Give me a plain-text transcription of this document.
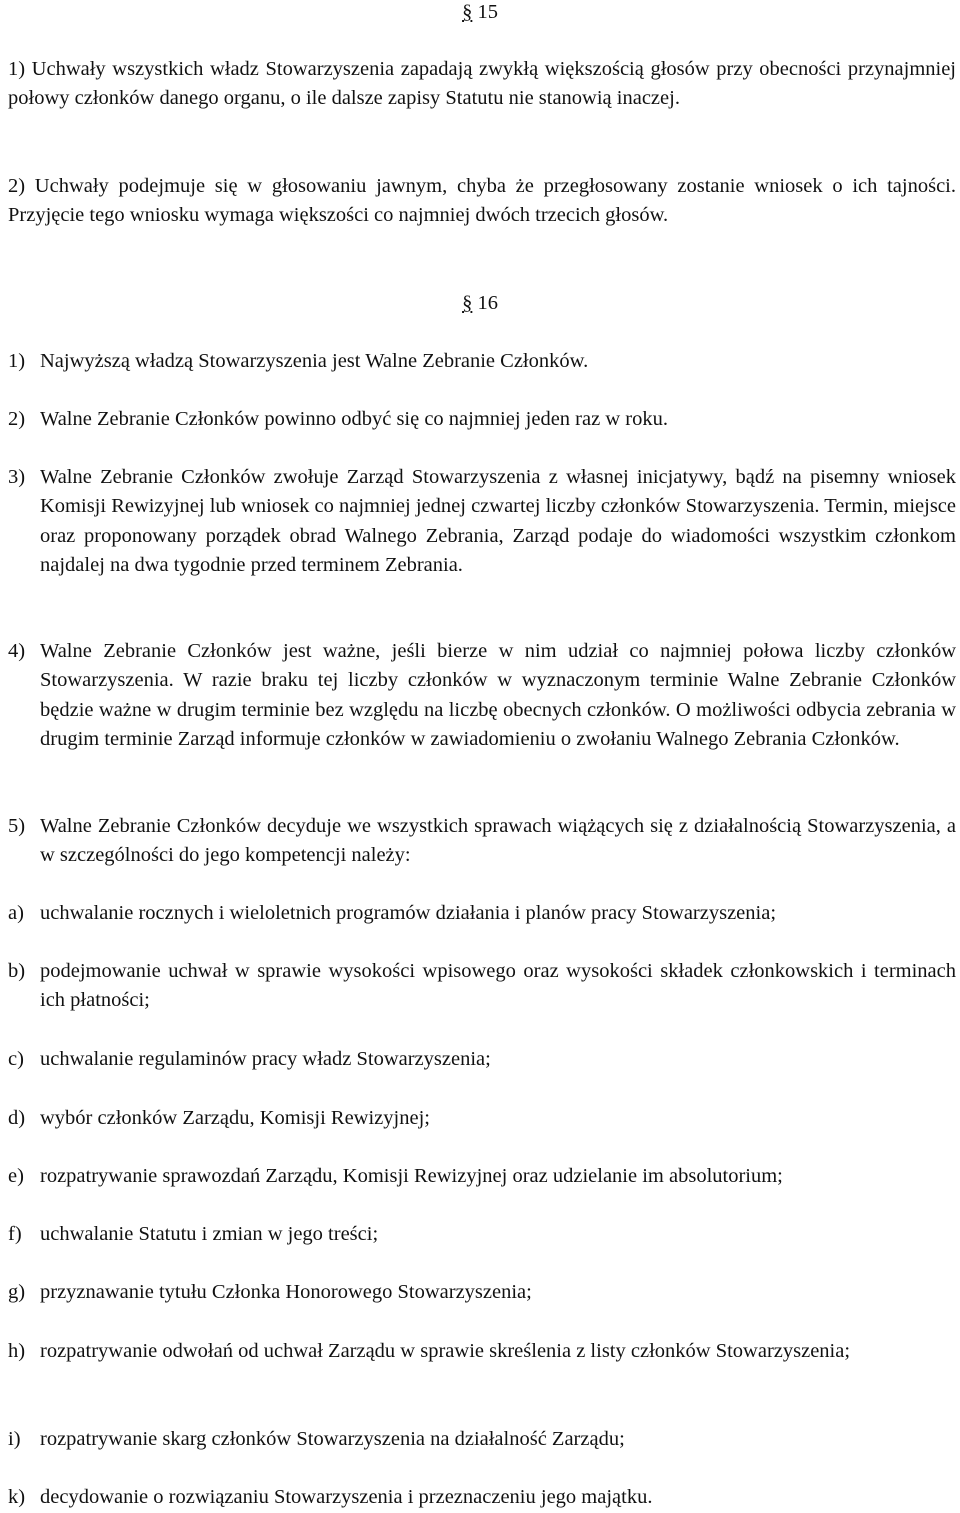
§ 15

1) Uchwały wszystkich władz Stowarzyszenia zapadają zwykłą większością głosów przy obecności przynajmniej połowy członków danego organu, o ile dalsze zapisy Statutu nie stanowią inaczej.

2) Uchwały podejmuje się w głosowaniu jawnym, chyba że przegłosowany zostanie wniosek o ich tajności. Przyjęcie tego wniosku wymaga większości co najmniej dwóch trzecich głosów.

§ 16
1) Najwyższą władzą Stowarzyszenia jest Walne Zebranie Członków.
2) Walne Zebranie Członków powinno odbyć się co najmniej jeden raz w roku.
3) Walne Zebranie Członków zwołuje Zarząd Stowarzyszenia z własnej inicjatywy, bądź na pisemny wniosek Komisji Rewizyjnej lub wniosek co najmniej jednej czwartej liczby członków Stowarzyszenia. Termin, miejsce oraz proponowany porządek obrad Walnego Zebrania, Zarząd podaje do wiadomości wszystkim członkom najdalej na dwa tygodnie przed terminem Zebrania.
4) Walne Zebranie Członków jest ważne, jeśli bierze w nim udział co najmniej połowa liczby członków Stowarzyszenia. W razie braku tej liczby członków w wyznaczonym terminie Walne Zebranie Członków będzie ważne w drugim terminie bez względu na liczbę obecnych członków. O możliwości odbycia zebrania w drugim terminie Zarząd informuje członków w zawiadomieniu o zwołaniu Walnego Zebrania Członków.
5) Walne Zebranie Członków decyduje we wszystkich sprawach wiążących się z działalnością Stowarzyszenia, a w szczególności do jego kompetencji należy:
a) uchwalanie rocznych i wieloletnich programów działania i planów pracy Stowarzyszenia;
b) podejmowanie uchwał w sprawie wysokości wpisowego oraz wysokości składek członkowskich i terminach ich płatności;
c) uchwalanie regulaminów pracy władz Stowarzyszenia;
d) wybór członków Zarządu, Komisji Rewizyjnej;
e) rozpatrywanie sprawozdań Zarządu, Komisji Rewizyjnej oraz udzielanie im absolutorium;
f) uchwalanie Statutu i zmian w jego treści;
g) przyznawanie tytułu Członka Honorowego Stowarzyszenia;
h) rozpatrywanie odwołań od uchwał Zarządu w sprawie skreślenia z listy członków Stowarzyszenia;
i) rozpatrywanie skarg członków Stowarzyszenia na działalność Zarządu;
k) decydowanie o rozwiązaniu Stowarzyszenia i przeznaczeniu jego majątku.
